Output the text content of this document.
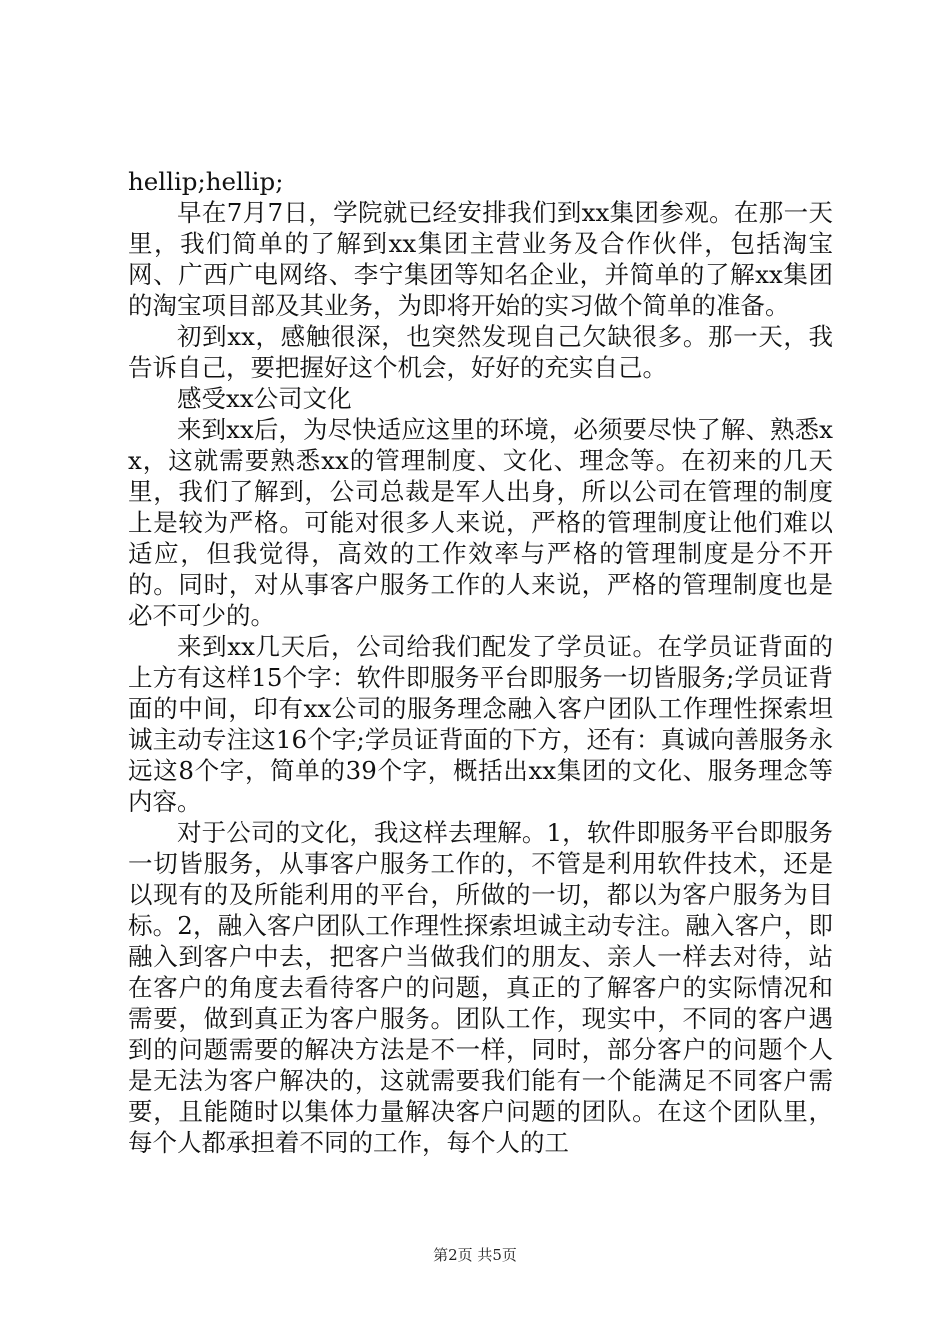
hellip;hellip;

早在7月7日，学院就已经安排我们到xx集团参观。在那一天里，我们简单的了解到xx集团主营业务及合作伙伴，包括淘宝网、广西广电网络、李宁集团等知名企业，并简单的了解xx集团的淘宝项目部及其业务，为即将开始的实习做个简单的准备。

初到xx，感触很深，也突然发现自己欠缺很多。那一天，我告诉自己，要把握好这个机会，好好的充实自己。

感受xx公司文化

来到xx后，为尽快适应这里的环境，必须要尽快了解、熟悉xx，这就需要熟悉xx的管理制度、文化、理念等。在初来的几天里，我们了解到，公司总裁是军人出身，所以公司在管理的制度上是较为严格。可能对很多人来说，严格的管理制度让他们难以适应，但我觉得，高效的工作效率与严格的管理制度是分不开的。同时，对从事客户服务工作的人来说，严格的管理制度也是必不可少的。

来到xx几天后，公司给我们配发了学员证。在学员证背面的上方有这样15个字：软件即服务平台即服务一切皆服务;学员证背面的中间，印有xx公司的服务理念融入客户团队工作理性探索坦诚主动专注这16个字;学员证背面的下方，还有：真诚向善服务永远这8个字，简单的39个字，概括出xx集团的文化、服务理念等内容。

对于公司的文化，我这样去理解。1，软件即服务平台即服务一切皆服务，从事客户服务工作的，不管是利用软件技术，还是以现有的及所能利用的平台，所做的一切，都以为客户服务为目标。2，融入客户团队工作理性探索坦诚主动专注。融入客户，即融入到客户中去，把客户当做我们的朋友、亲人一样去对待，站在客户的角度去看待客户的问题，真正的了解客户的实际情况和需要，做到真正为客户服务。团队工作，现实中，不同的客户遇到的问题需要的解决方法是不一样，同时，部分客户的问题个人是无法为客户解决的，这就需要我们能有一个能满足不同客户需要，且能随时以集体力量解决客户问题的团队。在这个团队里，每个人都承担着不同的工作，每个人的工

第2页 共5页
